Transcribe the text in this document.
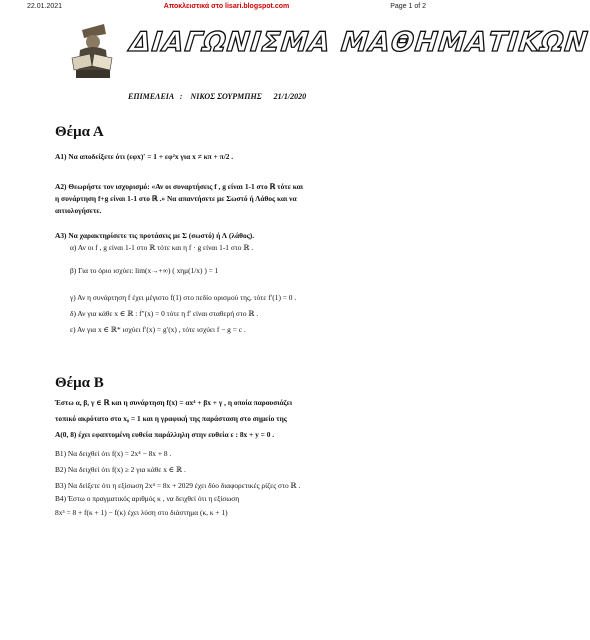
22.01.2021	Αποκλειστικά στο lisari.blogspot.com	Page 1 of 2
ΔΙΑΓΩΝΙΣΜΑ ΜΑΘΗΜΑΤΙΚΩΝ
ΕΠΙΜΕΛΕΙΑ   :    ΝΙΚΟΣ ΣΟΥΡΜΠΗΣ      21/1/2020
Θέμα Α
Α1) Να αποδείξετε ότι (εφx)′ = 1 + εφ²x για x ≠ κπ + π/2 .
Α2) Θεωρήστε τον ισχυρισμό: «Αν οι συναρτήσεις f , g είναι 1-1 στο ℝ τότε και
η συνάρτηση f+g είναι 1-1 στο ℝ .» Να απαντήσετε με Σωστό ή Λάθος και να
αιτιολογήσετε.
Α3) Να χαρακτηρίσετε τις προτάσεις με Σ (σωστό) ή Λ (λάθος).
α) Αν οι f , g είναι 1-1 στο ℝ τότε και η f · g είναι 1-1 στο ℝ .
β) Για το όριο ισχύει: lim(x→+∞) ( xημ(1/x) ) = 1
γ) Αν η συνάρτηση f έχει μέγιστο f(1) στο πεδίο ορισμού της, τότε f′(1) = 0 .
δ) Αν για κάθε x ∈ ℝ : f″(x) = 0 τότε η f′ είναι σταθερή στο ℝ .
ε) Αν για x ∈ ℝ* ισχύει f′(x) = g′(x) , τότε ισχύει f − g = c .
Θέμα Β
Έστω α, β, γ ∈ ℝ και η συνάρτηση f(x) = αx⁴ + βx + γ , η οποία παρουσιάζει
τοπικό ακρότατο στο x₀ = 1 και η γραφική της παράσταση στο σημείο της
Α(0, 8) έχει εφαπτομένη ευθεία παράλληλη στην ευθεία ε : 8x + y = 0 .
Β1) Να δειχθεί ότι f(x) = 2x⁴ − 8x + 8 .
Β2) Να δειχθεί ότι f(x) ≥ 2 για κάθε x ∈ ℝ .
Β3) Να δείξετε ότι η εξίσωση 2x⁴ = 8x + 2029 έχει δύο διαφορετικές ρίζες στο ℝ .
Β4) Έστω ο πραγματικός αριθμός κ , να δειχθεί ότι η εξίσωση
8x³ = 8 + f(κ + 1) − f(κ) έχει λύση στο διάστημα (κ, κ + 1)
